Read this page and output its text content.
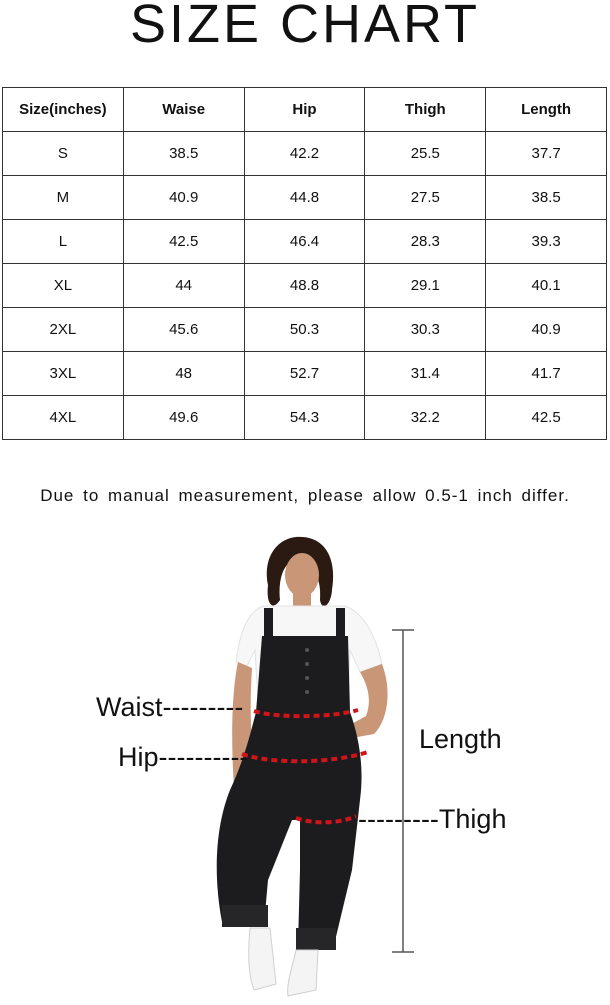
SIZE CHART
Size(inches)	Waise	Hip	Thigh	Length
S	38.5	42.2	25.5	37.7
M	40.9	44.8	27.5	38.5
L	42.5	46.4	28.3	39.3
XL	44	48.8	29.1	40.1
2XL	45.6	50.3	30.3	40.9
3XL	48	52.7	31.4	41.7
4XL	49.6	54.3	32.2	42.5
Due to manual measurement, please allow 0.5-1 inch differ.
Waist---------
Hip----------
Length
---------Thigh
